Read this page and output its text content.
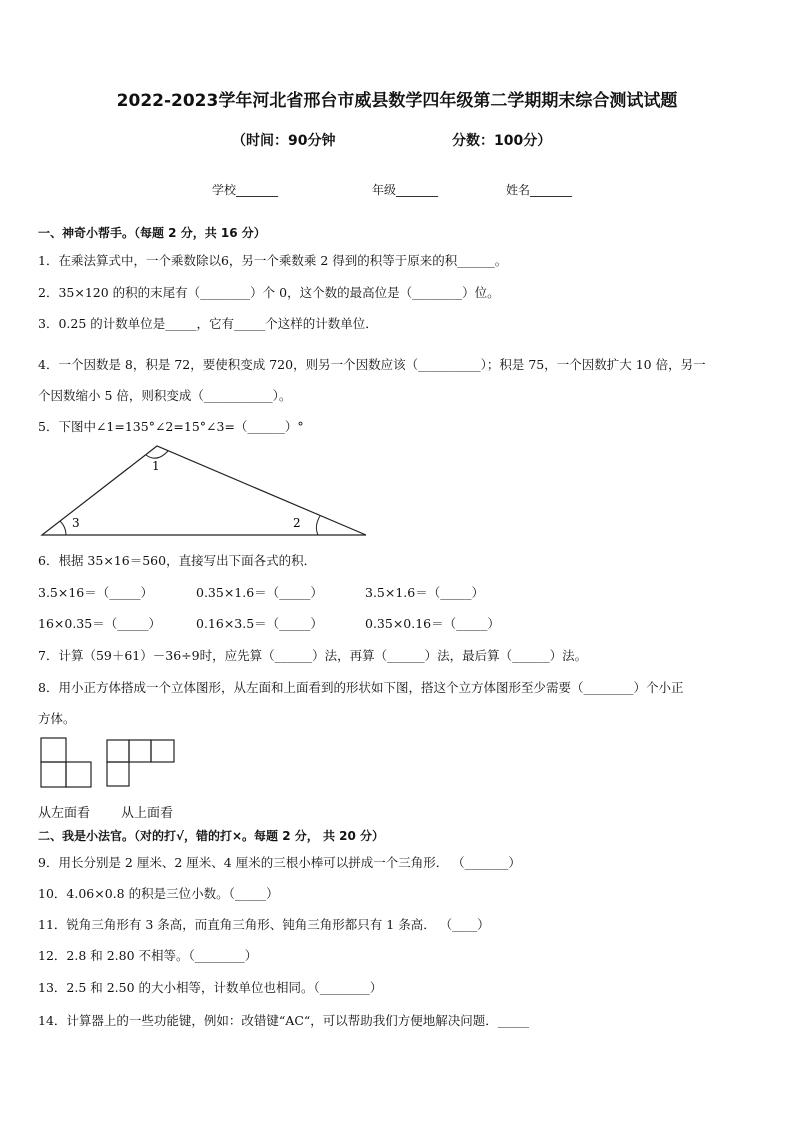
2022-2023学年河北省邢台市威县数学四年级第二学期期末综合测试试题
（时间：90分钟	分数：100分）
学校_______	年级_______	姓名_______
一、神奇小帮手。（每题 2 分，共 16 分）
1．在乘法算式中，一个乘数除以6，另一个乘数乘 2 得到的积等于原来的积______。
2．35×120 的积的末尾有（________）个 0，这个数的最高位是（________）位。
3．0.25 的计数单位是_____，它有_____个这样的计数单位．
4．一个因数是 8，积是 72，要使积变成 720，则另一个因数应该（__________）；积是 75，一个因数扩大 10 倍，另一
个因数缩小 5 倍，则积变成（___________）。
5．下图中∠1=135°∠2=15°∠3=（______）°
1
2
3
6．根据 35×16＝560，直接写出下面各式的积．
3.5×16＝（_____）	0.35×1.6＝（_____）	3.5×1.6＝（_____）
16×0.35＝（_____）	0.16×3.5＝（_____）	0.35×0.16＝（_____）
7．计算（59＋61）－36÷9时，应先算（______）法，再算（______）法，最后算（______）法。
8．用小正方体搭成一个立体图形，从左面和上面看到的形状如下图，搭这个立方体图形至少需要（________）个小正
方体。
从左面看 从上面看
二、我是小法官。（对的打√，错的打×。每题 2 分， 共 20 分）
9．用长分别是 2 厘米、2 厘米、4 厘米的三根小棒可以拼成一个三角形． （_______）
10．4.06×0.8 的积是三位小数。（_____）
11．锐角三角形有 3 条高，而直角三角形、钝角三角形都只有 1 条高． （____）
12．2.8 和 2.80 不相等。（________）
13．2.5 和 2.50 的大小相等，计数单位也相同。（________）
14．计算器上的一些功能键，例如：改错键“AC“，可以帮助我们方便地解决问题．_____
